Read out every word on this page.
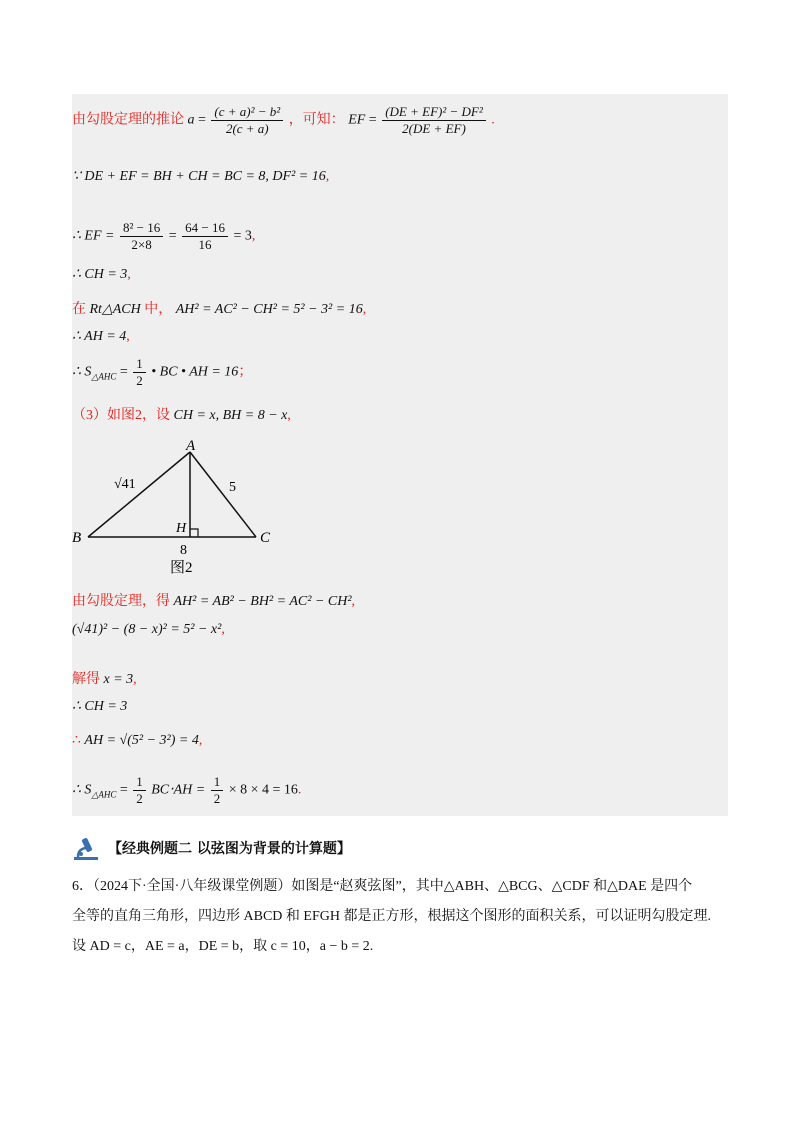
由勾股定理的推论 $a = \frac{\text{(c + a)² − b²}}{2(c + a)}$ ，可知： EF = $\frac{\text{(DE + EF)² − DF²}}{2(DE + EF)}$ .
∵ DE + EF = BH + CH = BC = 8, DF² = 16,
∴ EF = $\frac{\text{8² − 16}}{2\times 8} = \frac{64 - 16}{16} = 3$,
∴ CH = 3,
在 Rt△ACH 中， AH² = AC² − CH² = 5² − 3² = 16,
∴ AH = 4,
∴ $S_{\triangle AHC} = \frac{1}{2}$ • BC • AH = 16；
（3）如图2，设 CH = x, BH = 8 − x,
A
B	C
H
√41	5
8
图2
由勾股定理，得 AH² = AB² − BH² = AC² − CH²,
(√41)² − (8 − x)² = 5² − x²,
解得 x = 3,
∴ CH = 3
∴ AH = √(5² − 3²) = 4,
∴ $S_{\triangle AHC} = \frac{1}{2} BC\cdot AH = \frac{1}{2} \times 8 \times 4 = 16$.
【经典例题二 以弦图为背景的计算题】
6．（2024下·全国·八年级课堂例题）如图是“赵爽弦图”，其中△ABH、△BCG、△CDF 和△DAE 是四个
全等的直角三角形，四边形 ABCD 和 EFGH 都是正方形，根据这个图形的面积关系，可以证明勾股定理.
设 AD = c，AE = a，DE = b，取 c = 10，a − b = 2.
